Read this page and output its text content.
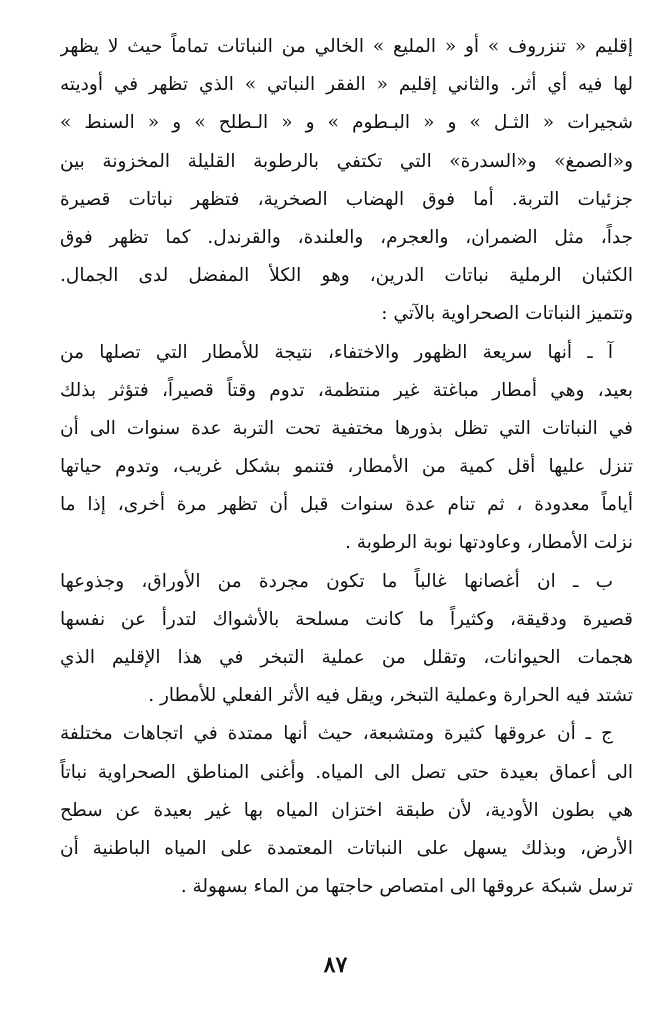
إقليم « تنزروف » أو « المليع » الخالي من النباتات تماماً حيث لا يظهر
لها فيه أي أثر. والثاني إقليم « الفقر النباتي » الذي تظهر في أوديته
شجيرات « الثـل » و « البـطوم » و « الـطلح » و « السنط »
و«الصمغ» و«السدرة» التي تكتفي بالرطوبة القليلة المخزونة بين
جزئيات التربة. أما فوق الهضاب الصخرية، فتظهر نباتات قصيرة
جداً، مثل الضمران، والعجرم، والعلندة، والقرندل. كما تظهر فوق
الكثبان الرملية نباتات الدرين، وهو الكلأ المفضل لدى الجمال.
وتتميز النباتات الصحراوية بالآتي :
آ ـ أنها سريعة الظهور والاختفاء، نتيجة للأمطار التي تصلها من
بعيد، وهي أمطار مباغتة غير منتظمة، تدوم وقتاً قصيراً، فتؤثر بذلك
في النباتات التي تظل بذورها مختفية تحت التربة عدة سنوات الى أن
تنزل عليها أقل كمية من الأمطار، فتنمو بشكل غريب، وتدوم حياتها
أياماً معدودة ، ثم تنام عدة سنوات قبل أن تظهر مرة أخرى، إذا ما
نزلت الأمطار، وعاودتها نوبة الرطوبة .
ب ـ ان أغصانها غالباً ما تكون مجردة من الأوراق، وجذوعها
قصيرة ودقيقة، وكثيراً ما كانت مسلحة بالأشواك لتدرأ عن نفسها
هجمات الحيوانات، وتقلل من عملية التبخر في هذا الإقليم الذي
تشتد فيه الحرارة وعملية التبخر، ويقل فيه الأثر الفعلي للأمطار .
ج ـ أن عروقها كثيرة ومتشبعة، حيث أنها ممتدة في اتجاهات مختلفة
الى أعماق بعيدة حتى تصل الى المياه. وأغنى المناطق الصحراوية نباتاً
هي بطون الأودية، لأن طبقة اختزان المياه بها غير بعيدة عن سطح
الأرض، وبذلك يسهل على النباتات المعتمدة على المياه الباطنية أن
ترسل شبكة عروقها الى امتصاص حاجتها من الماء بسهولة .
٨٧
